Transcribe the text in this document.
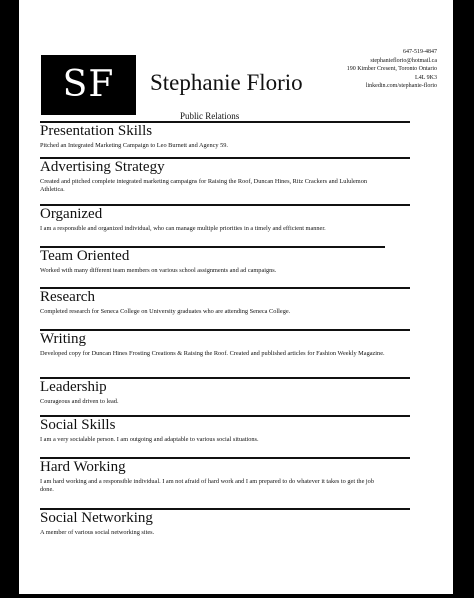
SF	Stephanie Florio
647-519-4847
stephanieflorio@hotmail.ca
190 Kimber Cresent, Toronto Ontario
L4L 9K3
linkedin.com/stephanie-florio
Public Relations
Presentation Skills
Pitched an Integrated Marketing Campaign to Leo Burnett and Agency 59.
Advertising Strategy
Created and pitched complete integrated marketing campaigns for Raising the Roof, Duncan Hines, Ritz Crackers and Lululemon Athletica.
Organized
I am a responsible and organized individual, who can manage multiple priorities in a timely and efficient manner.
Team Oriented
Worked with many different team members on various school assignments and ad campaigns.
Research
Completed research for Seneca College on University graduates who are attending Seneca College.
Writing
Developed copy for Duncan Hines Frosting Creations & Raising the Roof. Created and published articles for Fashion Weekly Magazine.
Leadership
Courageous and driven to lead.
Social Skills
I am a very socialable person. I am outgoing and adaptable to various social situations.
Hard Working
I am hard working and a responsible individual. I am not afraid of hard work and I am prepared to do whatever it takes to get the job done.
Social Networking
A member of various social networking sites.
